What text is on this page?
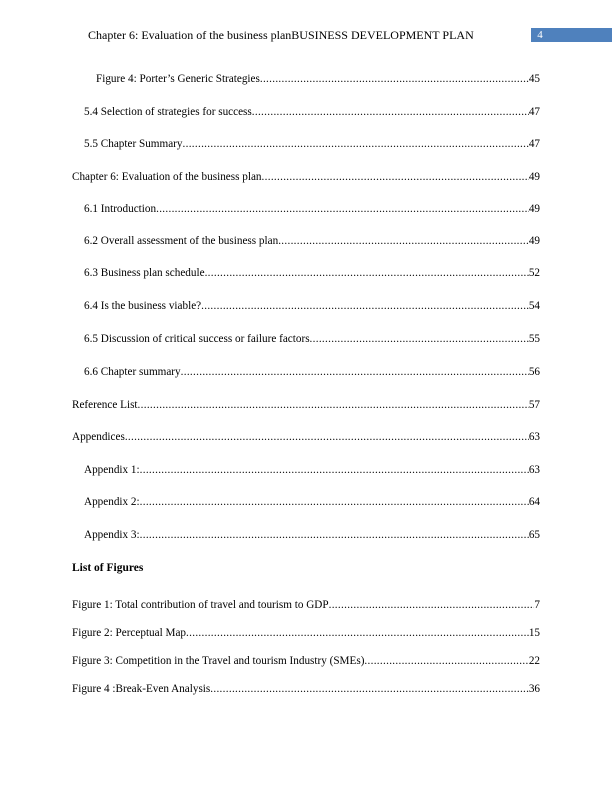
Chapter 6: Evaluation of the business planBUSINESS DEVELOPMENT PLAN	4
Figure 4: Porter’s Generic Strategies .....	45
5.4 Selection of strategies for success .....	47
5.5 Chapter Summary .....	47
Chapter 6: Evaluation of the business plan .....	49
6.1 Introduction .....	49
6.2 Overall assessment of the business plan .....	49
6.3 Business plan schedule .....	52
6.4 Is the business viable? .....	54
6.5 Discussion of critical success or failure factors .....	55
6.6 Chapter summary .....	56
Reference List .....	57
Appendices .....	63
Appendix 1: .....	63
Appendix 2: .....	64
Appendix 3: .....	65
List of Figures
Figure 1: Total contribution of travel and tourism to GDP .....	7
Figure 2: Perceptual Map .....	15
Figure 3: Competition in the Travel and tourism Industry (SMEs) .....	22
Figure 4 :Break-Even Analysis .....	36
